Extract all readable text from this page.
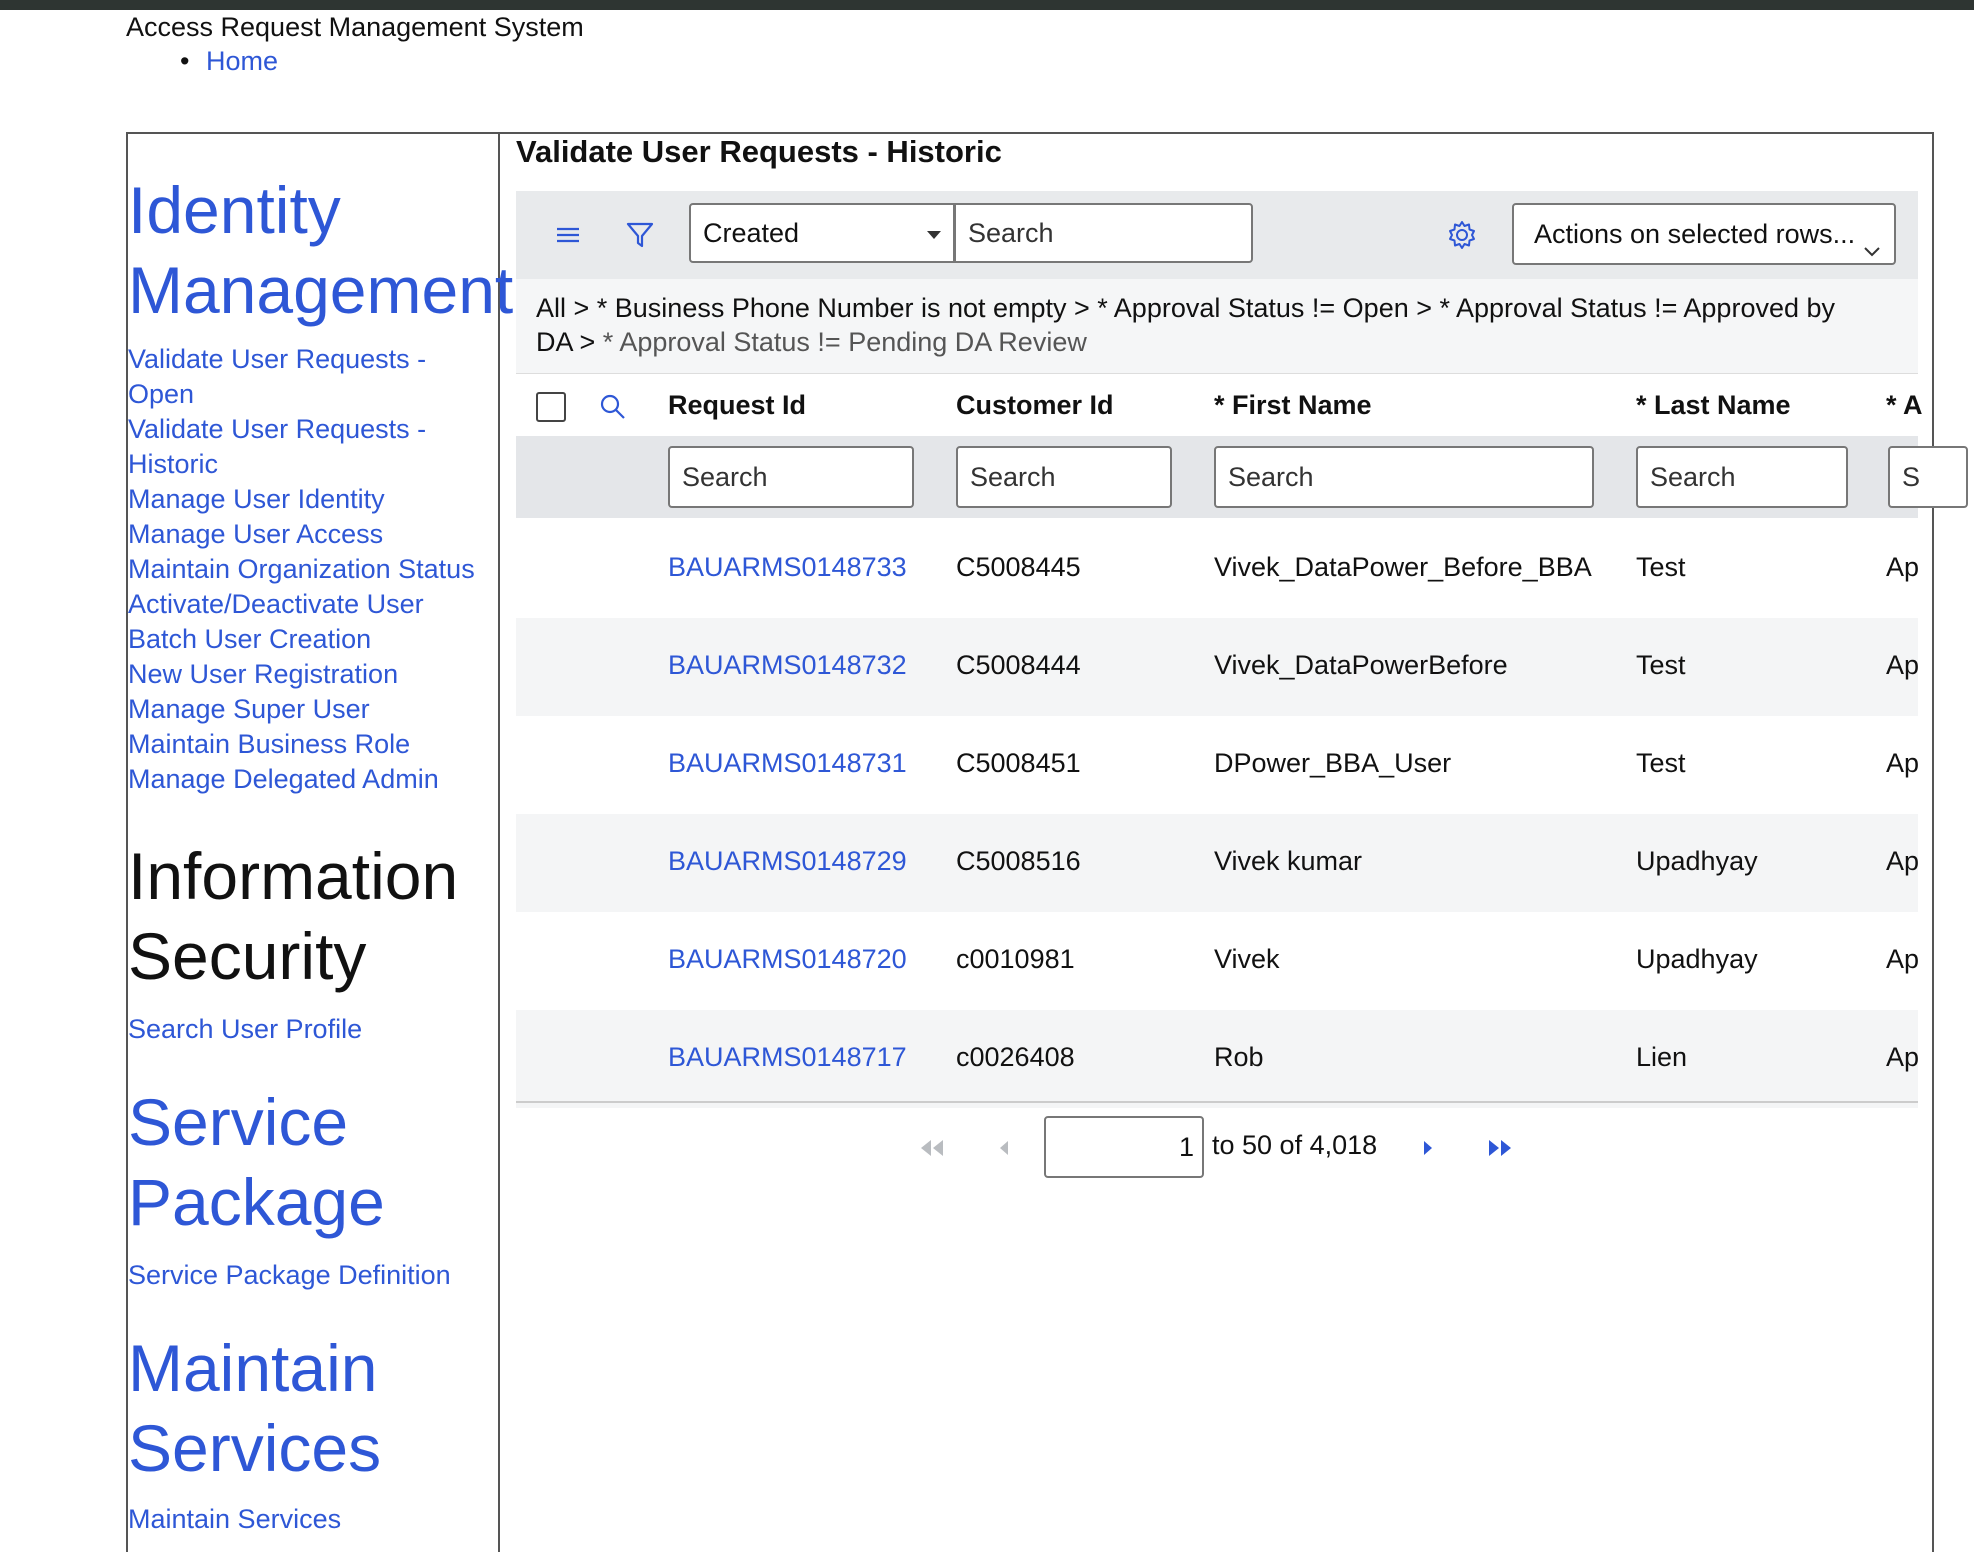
Access Request Management System
• Home
Identity
Management
Validate User Requests -
Open
Validate User Requests -
Historic
Manage User Identity
Manage User Access
Maintain Organization Status
Activate/Deactivate User
Batch User Creation
New User Registration
Manage Super User
Maintain Business Role
Manage Delegated Admin
Information
Security
Search User Profile
Service
Package
Service Package Definition
Maintain
Services
Maintain Services
Validate User Requests - Historic
Created
Search	Actions on selected rows...
All > * Business Phone Number is not empty > * Approval Status != Open > * Approval Status != Approved by
DA > * Approval Status != Pending DA Review
Request Id	Customer Id	* First Name	* Last Name	* A
Search
Search
Search
Search
S
BAUARMS0148733 C5008445	Vivek_DataPower_Before_BBA Test	Ap
BAUARMS0148732 C5008444	Vivek_DataPowerBefore	Test	Ap
BAUARMS0148731 C5008451	DPower_BBA_User	Test	Ap
BAUARMS0148729 C5008516	Vivek kumar	Upadhyay	Ap
BAUARMS0148720 c0010981	Vivek	Upadhyay	Ap
BAUARMS0148717 c0026408	Rob	Lien	Ap
1
to 50 of 4,018
